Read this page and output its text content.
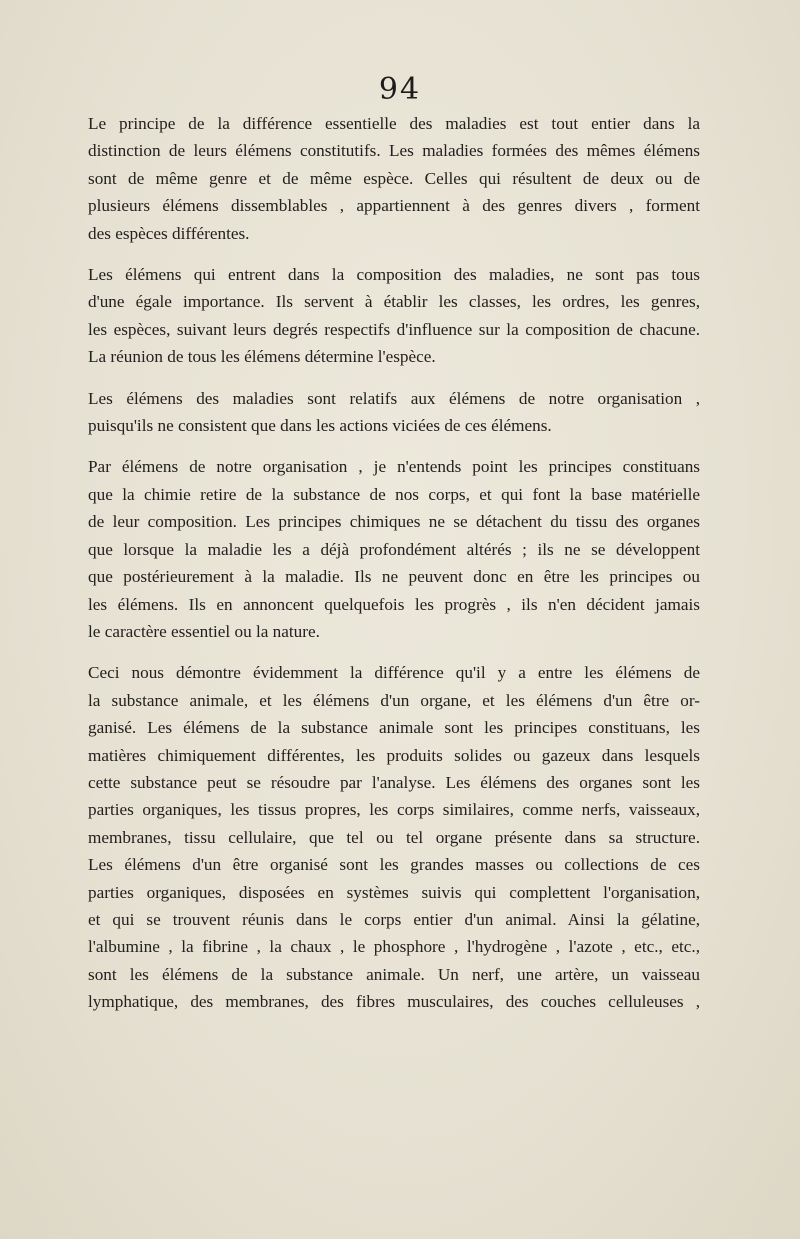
94
Le principe de la différence essentielle des maladies est tout entier dans la
distinction de leurs élémens constitutifs. Les maladies formées des mêmes élémens
sont de même genre et de même espèce. Celles qui résultent de deux ou de
plusieurs élémens dissemblables , appartiennent à des genres divers , forment
des espèces différentes.
Les élémens qui entrent dans la composition des maladies, ne sont pas tous
d'une égale importance. Ils servent à établir les classes, les ordres, les genres,
les espèces, suivant leurs degrés respectifs d'influence sur la composition de chacune.
La réunion de tous les élémens détermine l'espèce.
Les élémens des maladies sont relatifs aux élémens de notre organisation ,
puisqu'ils ne consistent que dans les actions viciées de ces élémens.
Par élémens de notre organisation , je n'entends point les principes constituans
que la chimie retire de la substance de nos corps, et qui font la base matérielle
de leur composition. Les principes chimiques ne se détachent du tissu des organes
que lorsque la maladie les a déjà profondément altérés ; ils ne se développent
que postérieurement à la maladie. Ils ne peuvent donc en être les principes ou
les élémens. Ils en annoncent quelquefois les progrès , ils n'en décident jamais
le caractère essentiel ou la nature.
Ceci nous démontre évidemment la différence qu'il y a entre les élémens de
la substance animale, et les élémens d'un organe, et les élémens d'un être or-
ganisé. Les élémens de la substance animale sont les principes constituans, les
matières chimiquement différentes, les produits solides ou gazeux dans lesquels
cette substance peut se résoudre par l'analyse. Les élémens des organes sont les
parties organiques, les tissus propres, les corps similaires, comme nerfs, vaisseaux,
membranes, tissu cellulaire, que tel ou tel organe présente dans sa structure.
Les élémens d'un être organisé sont les grandes masses ou collections de ces
parties organiques, disposées en systèmes suivis qui complettent l'organisation,
et qui se trouvent réunis dans le corps entier d'un animal. Ainsi la gélatine,
l'albumine , la fibrine , la chaux , le phosphore , l'hydrogène , l'azote , etc., etc.,
sont les élémens de la substance animale. Un nerf, une artère, un vaisseau
lymphatique, des membranes, des fibres musculaires, des couches celluleuses ,
